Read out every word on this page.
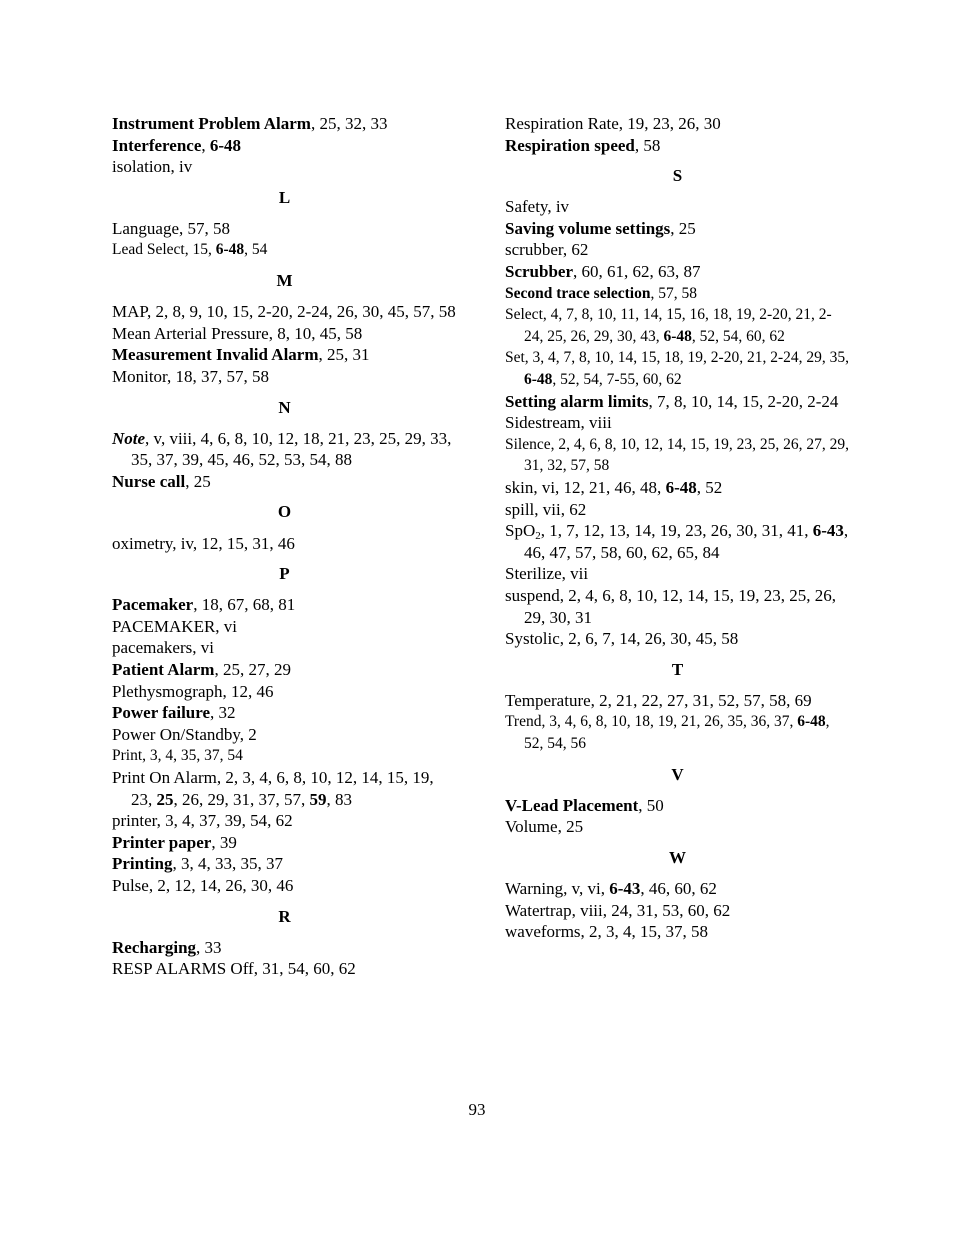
Instrument Problem Alarm, 25, 32, 33
Interference, 6-48
isolation, iv
L
Language, 57, 58
Lead Select, 15, 6-48, 54
M
MAP, 2, 8, 9, 10, 15, 2-20, 2-24, 26, 30, 45, 57, 58
Mean Arterial Pressure, 8, 10, 45, 58
Measurement Invalid Alarm, 25, 31
Monitor, 18, 37, 57, 58
N
Note, v, viii, 4, 6, 8, 10, 12, 18, 21, 23, 25, 29, 33, 35, 37, 39, 45, 46, 52, 53, 54, 88
Nurse call, 25
O
oximetry, iv, 12, 15, 31, 46
P
Pacemaker, 18, 67, 68, 81
PACEMAKER, vi
pacemakers, vi
Patient Alarm, 25, 27, 29
Plethysmograph, 12, 46
Power failure, 32
Power On/Standby, 2
Print, 3, 4, 35, 37, 54
Print On Alarm, 2, 3, 4, 6, 8, 10, 12, 14, 15, 19, 23, 25, 26, 29, 31, 37, 57, 59, 83
printer, 3, 4, 37, 39, 54, 62
Printer paper, 39
Printing, 3, 4, 33, 35, 37
Pulse, 2, 12, 14, 26, 30, 46
R
Recharging, 33
RESP ALARMS Off, 31, 54, 60, 62
Respiration Rate, 19, 23, 26, 30
Respiration speed, 58
S
Safety, iv
Saving volume settings, 25
scrubber, 62
Scrubber, 60, 61, 62, 63, 87
Second trace selection, 57, 58
Select, 4, 7, 8, 10, 11, 14, 15, 16, 18, 19, 2-20, 21, 2-24, 25, 26, 29, 30, 43, 6-48, 52, 54, 60, 62
Set, 3, 4, 7, 8, 10, 14, 15, 18, 19, 2-20, 21, 2-24, 29, 35, 6-48, 52, 54, 7-55, 60, 62
Setting alarm limits, 7, 8, 10, 14, 15, 2-20, 2-24
Sidestream, viii
Silence, 2, 4, 6, 8, 10, 12, 14, 15, 19, 23, 25, 26, 27, 29, 31, 32, 57, 58
skin, vi, 12, 21, 46, 48, 6-48, 52
spill, vii, 62
SpO$_2$, 1, 7, 12, 13, 14, 19, 23, 26, 30, 31, 41, 6-43, 46, 47, 57, 58, 60, 62, 65, 84
Sterilize, vii
suspend, 2, 4, 6, 8, 10, 12, 14, 15, 19, 23, 25, 26, 29, 30, 31
Systolic, 2, 6, 7, 14, 26, 30, 45, 58
T
Temperature, 2, 21, 22, 27, 31, 52, 57, 58, 69
Trend, 3, 4, 6, 8, 10, 18, 19, 21, 26, 35, 36, 37, 6-48, 52, 54, 56
V
V-Lead Placement, 50
Volume, 25
W
Warning, v, vi, 6-43, 46, 60, 62
Watertrap, viii, 24, 31, 53, 60, 62
waveforms, 2, 3, 4, 15, 37, 58
93
